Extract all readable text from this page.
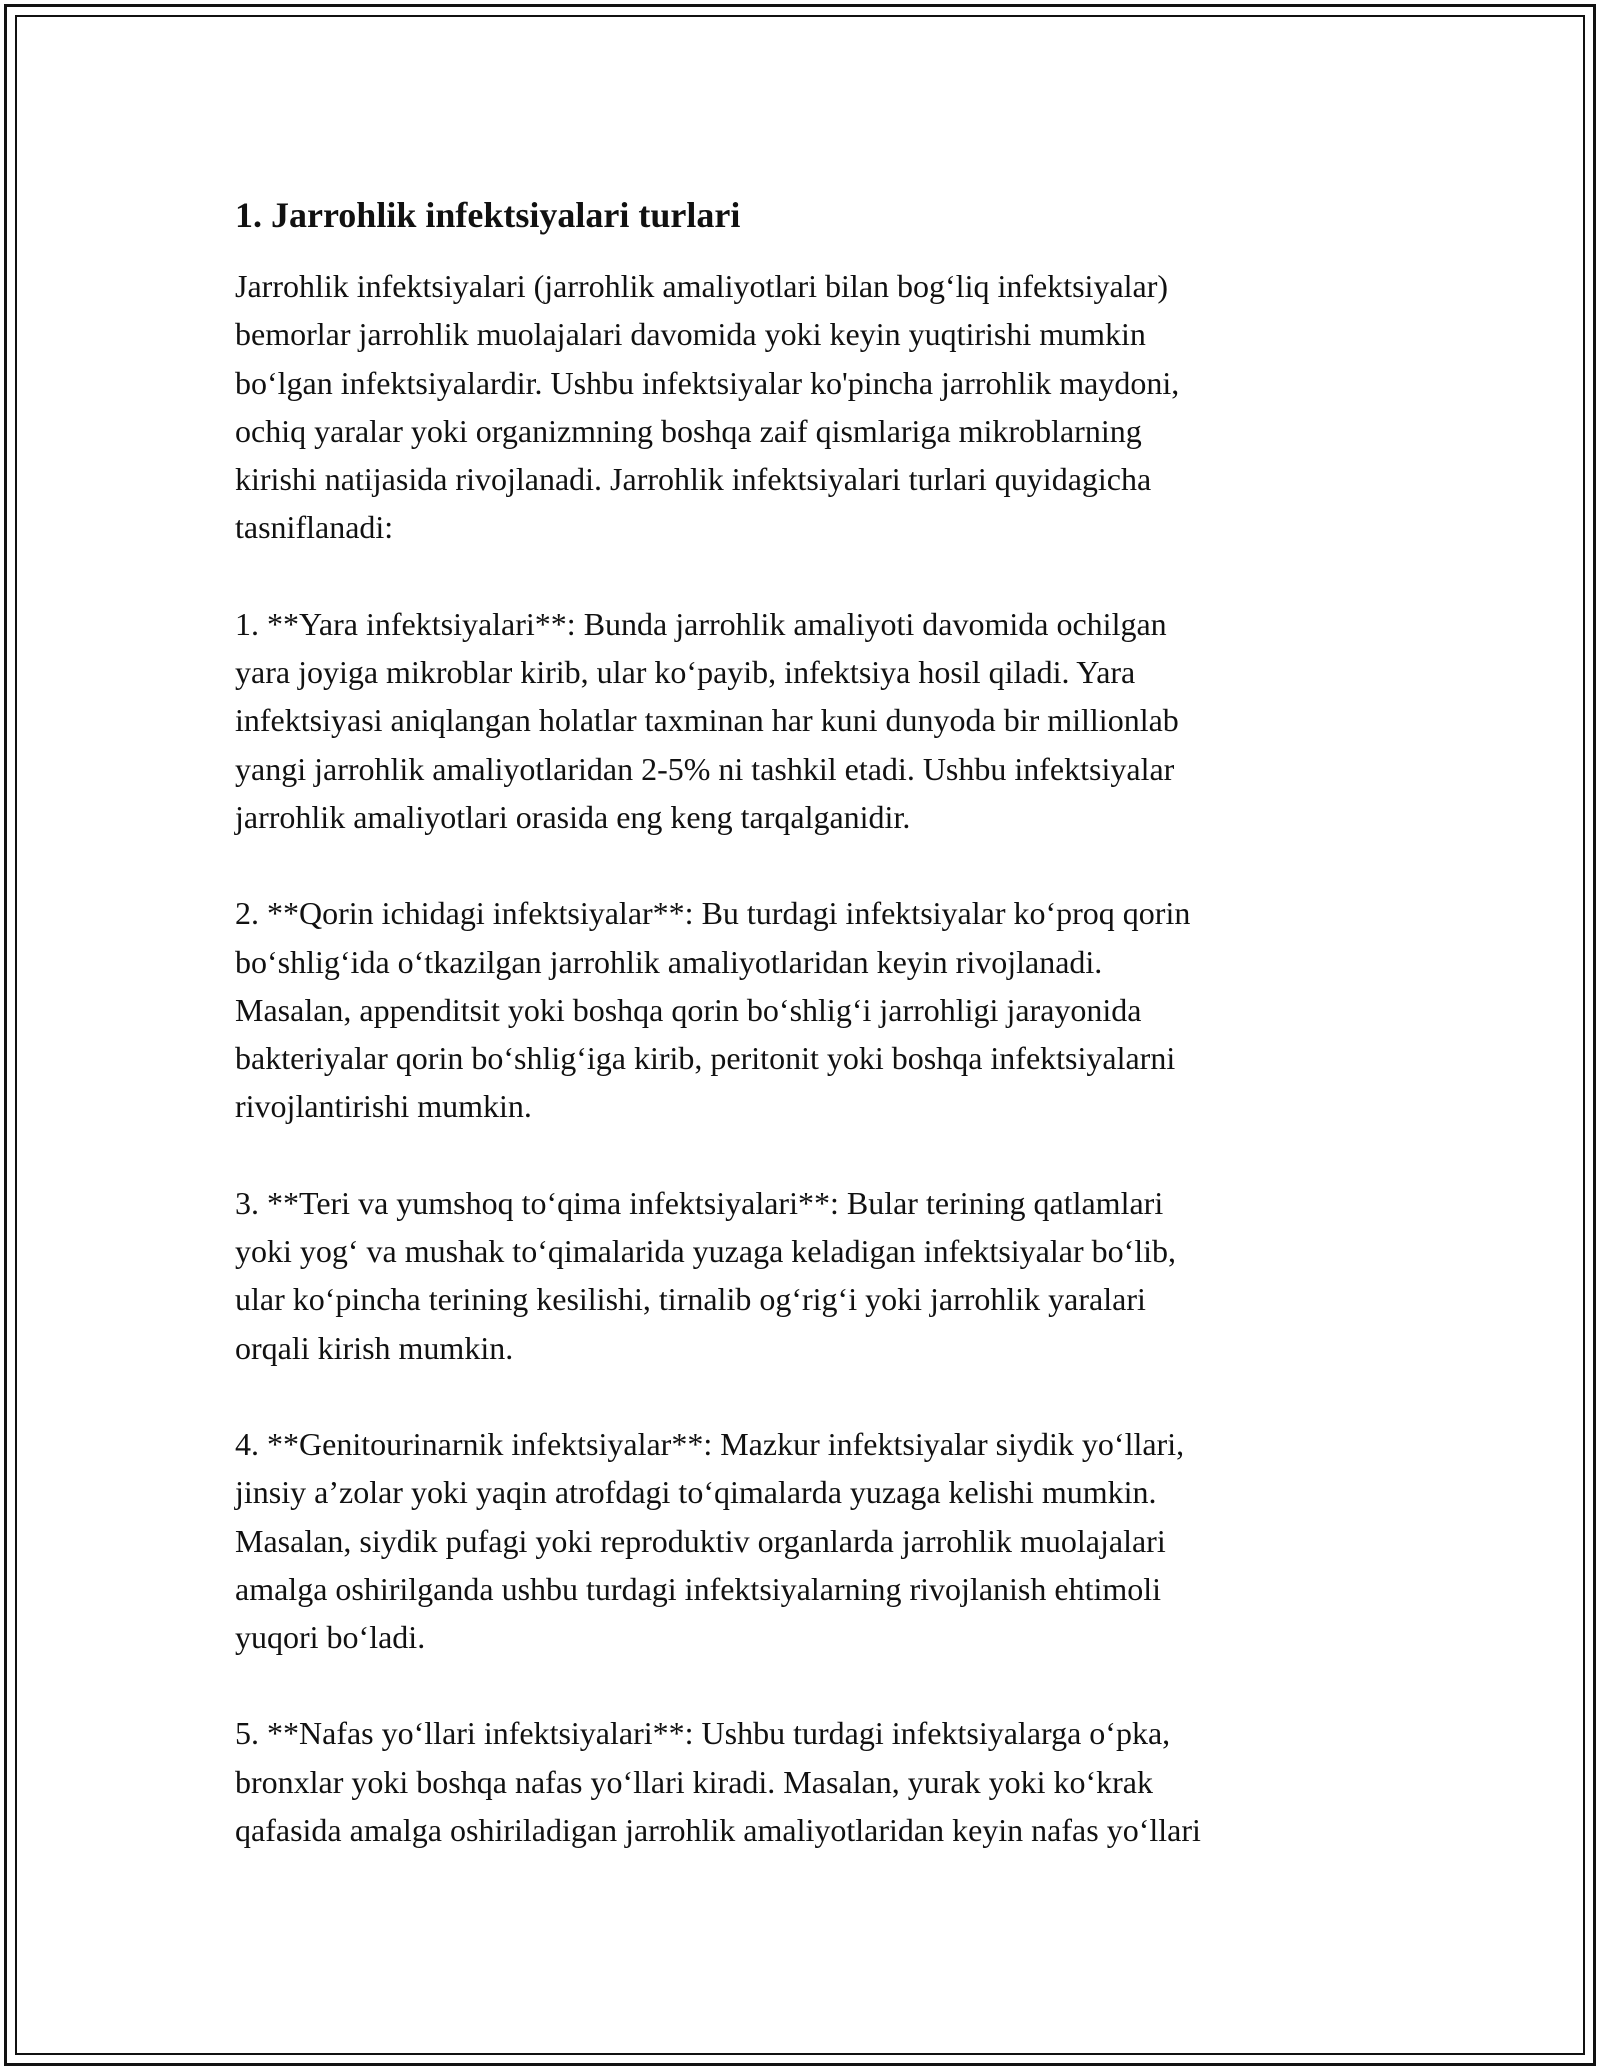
1. Jarrohlik infektsiyalari turlari

Jarrohlik infektsiyalari (jarrohlik amaliyotlari bilan bog‘liq infektsiyalar)
bemorlar jarrohlik muolajalari davomida yoki keyin yuqtirishi mumkin
bo‘lgan infektsiyalardir. Ushbu infektsiyalar ko'pincha jarrohlik maydoni,
ochiq yaralar yoki organizmning boshqa zaif qismlariga mikroblarning
kirishi natijasida rivojlanadi. Jarrohlik infektsiyalari turlari quyidagicha
tasniflanadi:

1. **Yara infektsiyalari**: Bunda jarrohlik amaliyoti davomida ochilgan
yara joyiga mikroblar kirib, ular ko‘payib, infektsiya hosil qiladi. Yara
infektsiyasi aniqlangan holatlar taxminan har kuni dunyoda bir millionlab
yangi jarrohlik amaliyotlaridan 2-5% ni tashkil etadi. Ushbu infektsiyalar
jarrohlik amaliyotlari orasida eng keng tarqalganidir.

2. **Qorin ichidagi infektsiyalar**: Bu turdagi infektsiyalar ko‘proq qorin
bo‘shlig‘ida o‘tkazilgan jarrohlik amaliyotlaridan keyin rivojlanadi.
Masalan, appenditsit yoki boshqa qorin bo‘shlig‘i jarrohligi jarayonida
bakteriyalar qorin bo‘shlig‘iga kirib, peritonit yoki boshqa infektsiyalarni
rivojlantirishi mumkin.

3. **Teri va yumshoq to‘qima infektsiyalari**: Bular terining qatlamlari
yoki yog‘ va mushak to‘qimalarida yuzaga keladigan infektsiyalar bo‘lib,
ular ko‘pincha terining kesilishi, tirnalib og‘rig‘i yoki jarrohlik yaralari
orqali kirish mumkin.

4. **Genitourinarnik infektsiyalar**: Mazkur infektsiyalar siydik yo‘llari,
jinsiy a’zolar yoki yaqin atrofdagi to‘qimalarda yuzaga kelishi mumkin.
Masalan, siydik pufagi yoki reproduktiv organlarda jarrohlik muolajalari
amalga oshirilganda ushbu turdagi infektsiyalarning rivojlanish ehtimoli
yuqori bo‘ladi.

5. **Nafas yo‘llari infektsiyalari**: Ushbu turdagi infektsiyalarga o‘pka,
bronxlar yoki boshqa nafas yo‘llari kiradi. Masalan, yurak yoki ko‘krak
qafasida amalga oshiriladigan jarrohlik amaliyotlaridan keyin nafas yo‘llari
